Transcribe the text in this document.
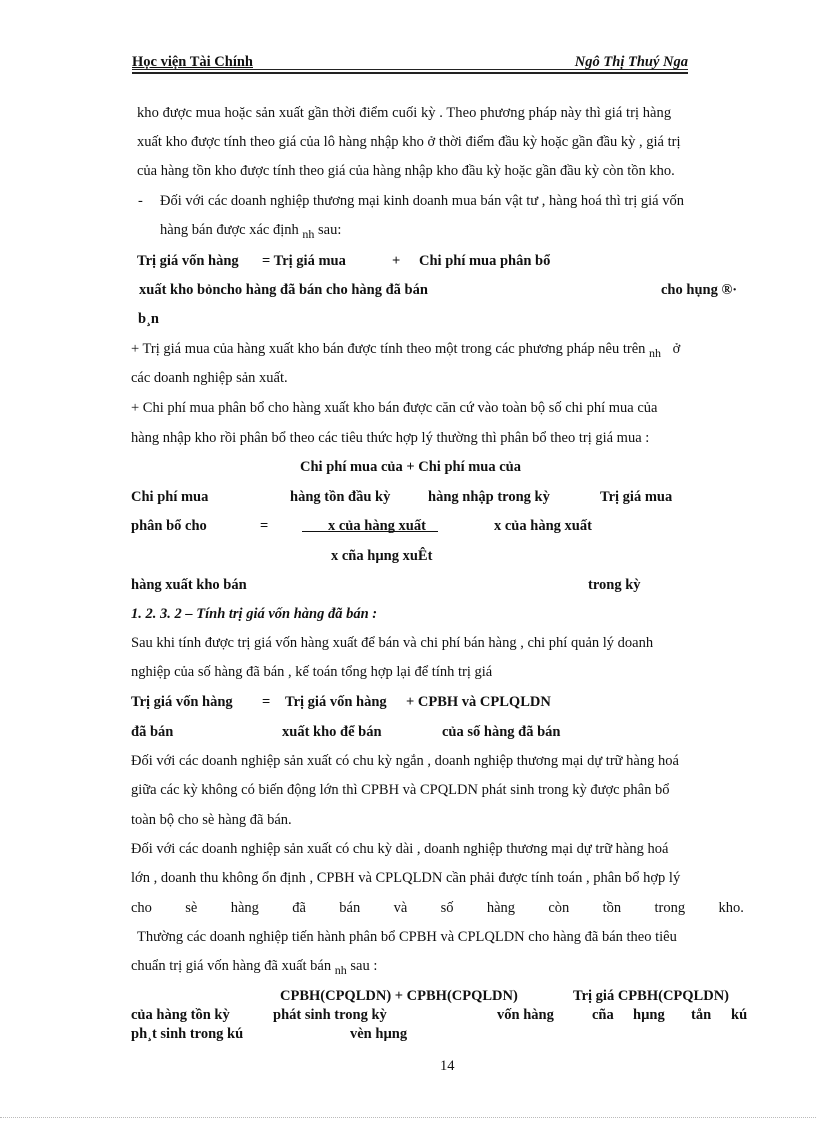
Học viện Tài Chính	Ngô Thị Thuý Nga
kho được mua hoặc sản xuất gần thời điểm cuối kỳ . Theo phương pháp này thì giá trị hàng
xuất kho được tính theo giá của lô hàng nhập kho ở thời điểm đầu kỳ hoặc gần đầu kỳ , giá trị
của hàng tồn kho được tính theo giá của hàng nhập kho đầu kỳ hoặc gần đầu kỳ còn tồn kho.
- Đối với các doanh nghiệp thương mại kinh doanh mua bán vật tư , hàng hoá thì trị giá vốn
hàng bán được xác định $_{nh}$ sau:
Trị giá vốn hàng = Trị giá mua	+ Chi phí mua phân bổ
xuất kho bỏncho hàng đã bán cho hàng đã bán	cho hụng ®·
b¸n
+ Trị giá mua của hàng xuất kho bán được tính theo một trong các phương pháp nêu trên $_{nh}$ ở
các doanh nghiệp sản xuất.
+ Chi phí mua phân bổ cho hàng xuất kho bán được căn cứ vào toàn bộ số chi phí mua của
hàng nhập kho rồi phân bổ theo các tiêu thức hợp lý thường thì phân bổ theo trị giá mua :
Chi phí mua của + Chi phí mua của
Chi phí mua	hàng tồn đầu kỳ	hàng nhập trong kỳ	Trị giá mua
phân bổ cho	=	x của hàng xuất	x của hàng xuất
x cña hµng xuÊt
hàng xuất kho bán	trong kỳ
1. 2. 3. 2 – Tính trị giá vốn hàng đã bán :
Sau khi tính được trị giá vốn hàng xuất để bán và chi phí bán hàng , chi phí quản lý doanh
nghiệp của số hàng đã bán , kế toán tổng hợp lại để tính trị giá
Trị giá vốn hàng = Trị giá vốn hàng + CPBH và CPLQLDN
đã bán	xuất kho để bán	của số hàng đã bán
Đối với các doanh nghiệp sản xuất có chu kỳ ngắn , doanh nghiệp thương mại dự trữ hàng hoá
giữa các kỳ không có biến động lớn thì CPBH và CPQLDN phát sinh trong kỳ được phân bổ
toàn bộ cho sè hàng đã bán.
Đối với các doanh nghiệp sản xuất có chu kỳ dài , doanh nghiệp thương mại dự trữ hàng hoá
lớn , doanh thu không ổn định , CPBH và CPLQLDN cần phải được tính toán , phân bổ hợp lý
cho sè hàng đã bán và số hàng còn tồn trong kho.
Thường các doanh nghiệp tiến hành phân bổ CPBH và CPLQLDN cho hàng đã bán theo tiêu
chuẩn trị giá vốn hàng đã xuất bán $_{nh}$ sau :
CPBH(CPQLDN) + CPBH(CPQLDN)	Trị giá CPBH(CPQLDN)
của hàng tồn kỳ	phát sinh trong kỳ	vốn hàng	cña hµng tån kú
ph¸t sinh trong kú	vèn hµng
14
